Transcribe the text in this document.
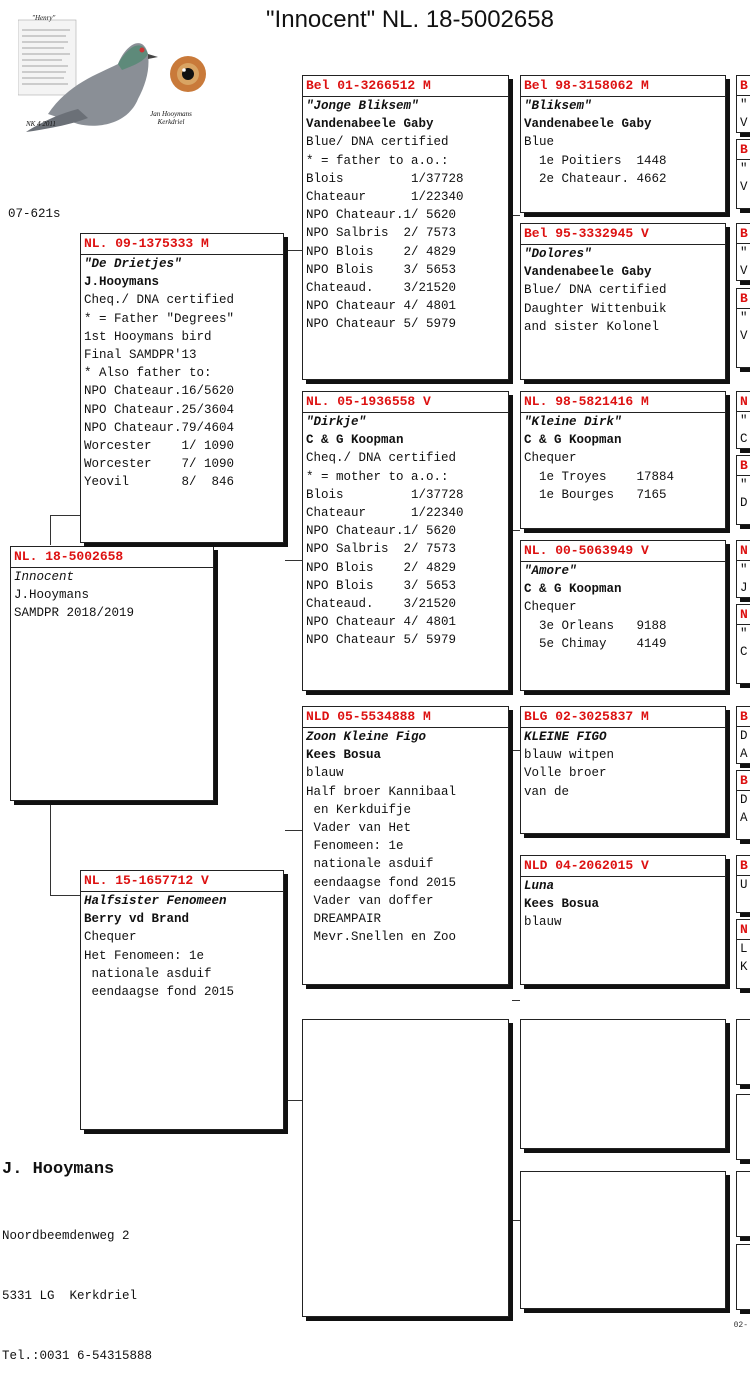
"Innocent" NL. 18-5002658
"Henry"
Jan Hooymans Kerkdriel
NK 4 2011
07-621s
NL. 18-5002658
Innocent
J.Hooymans
SAMDPR 2018/2019
NL. 09-1375333 M
"De Drietjes"
J.Hooymans
Cheq./ DNA certified
* = Father "Degrees"
1st Hooymans bird
Final SAMDPR'13
* Also father to:
NPO Chateaur.16/5620
NPO Chateaur.25/3604
NPO Chateaur.79/4604
Worcester    1/ 1090
Worcester    7/ 1090
Yeovil       8/  846
NL. 15-1657712 V
Halfsister Fenomeen
Berry vd Brand
Chequer
Het Fenomeen: 1e
nationale asduif
eendaagse fond 2015
Bel 01-3266512 M
"Jonge Bliksem"
Vandenabeele Gaby
Blue/ DNA certified
* = father to a.o.:
Blois         1/37728
Chateaur      1/22340
NPO Chateaur.1/ 5620
NPO Salbris  2/ 7573
NPO Blois    2/ 4829
NPO Blois    3/ 5653
Chateaud.    3/21520
NPO Chateaur 4/ 4801
NPO Chateaur 5/ 5979
NL. 05-1936558 V
"Dirkje"
C & G Koopman
Cheq./ DNA certified
* = mother to a.o.:
Blois         1/37728
Chateaur      1/22340
NPO Chateaur.1/ 5620
NPO Salbris  2/ 7573
NPO Blois    2/ 4829
NPO Blois    3/ 5653
Chateaud.    3/21520
NPO Chateaur 4/ 4801
NPO Chateaur 5/ 5979
NLD 05-5534888 M
Zoon Kleine Figo
Kees Bosua
blauw
Half broer Kannibaal
en Kerkduifje
Vader van Het
Fenomeen: 1e
nationale asduif
eendaagse fond 2015
Vader van doffer
DREAMPAIR
Mevr.Snellen en Zoo
Bel 98-3158062 M
"Bliksem"
Vandenabeele Gaby
Blue
1e Poitiers  1448
2e Chateaur. 4662
Bel 95-3332945 V
"Dolores"
Vandenabeele Gaby
Blue/ DNA certified
Daughter Wittenbuik
and sister Kolonel
NL. 98-5821416 M
"Kleine Dirk"
C & G Koopman
Chequer
1e Troyes    17884
1e Bourges   7165
NL. 00-5063949 V
"Amore"
C & G Koopman
Chequer
3e Orleans   9188
5e Chimay    4149
BLG 02-3025837 M
KLEINE FIGO
blauw witpen
Volle broer
van de
NLD 04-2062015 V
Luna
Kees Bosua
blauw
B
"
V
B
"
V
B
"
V
B
"
V
N
"
C
B
"
D
N
"
J
N
"
C
B
D
A
B
D
A
B
U
N
L
K
J. Hooymans

Noordbeemdenweg 2

5331 LG  Kerkdriel

Tel.:0031 6-54315888

02-
